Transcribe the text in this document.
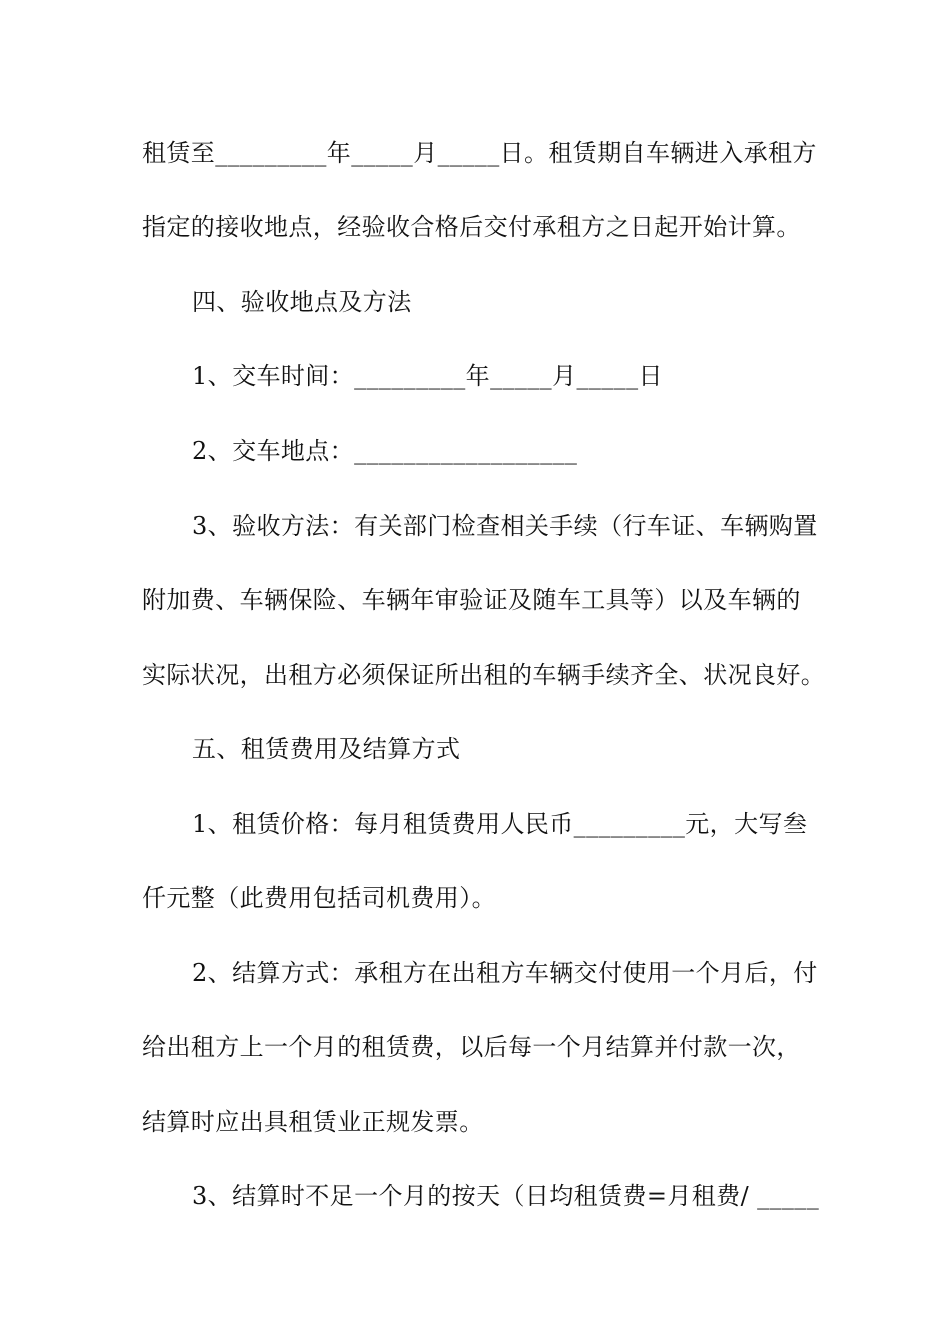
租赁至_________年_____月_____日。租赁期自车辆进入承租方
指定的接收地点，经验收合格后交付承租方之日起开始计算。
四、验收地点及方法
1、交车时间：_________年_____月_____日
2、交车地点：__________________
3、验收方法：有关部门检查相关手续（行车证、车辆购置
附加费、车辆保险、车辆年审验证及随车工具等）以及车辆的
实际状况，出租方必须保证所出租的车辆手续齐全、状况良好。
五、租赁费用及结算方式
1、租赁价格：每月租赁费用人民币_________元，大写叁
仟元整（此费用包括司机费用）。
2、结算方式：承租方在出租方车辆交付使用一个月后，付
给出租方上一个月的租赁费，以后每一个月结算并付款一次，
结算时应出具租赁业正规发票。
3、结算时不足一个月的按天（日均租赁费=月租费/ _____
